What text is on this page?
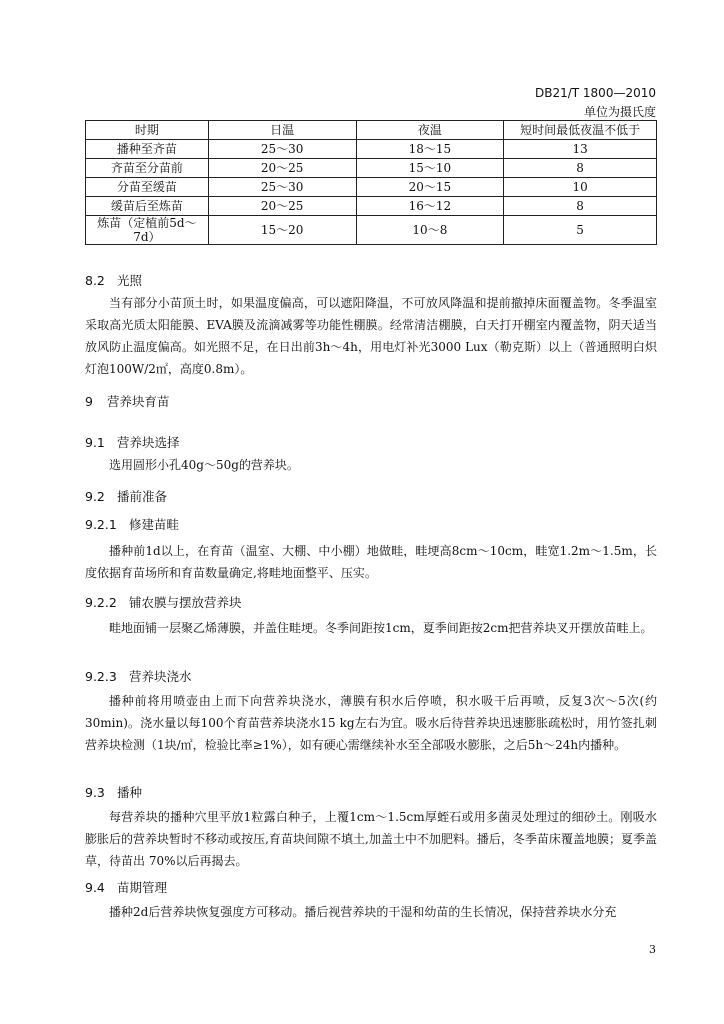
DB21/T 1800—2010
单位为摄氏度
时期	日温	夜温	短时间最低夜温不低于
播种至齐苗	25～30	18～15	13
齐苗至分苗前	20～25	15～10	8
分苗至缓苗	25～30	20～15	10
缓苗后至炼苗	20～25	16～12	8

炼苗（定植前5d～
7d）	15～20	10～8	5
8.2 光照
当有部分小苗顶土时，如果温度偏高，可以遮阳降温，不可放风降温和提前撤掉床面覆盖物。冬季温室采取高光质太阳能膜、EVA膜及流滴减雾等功能性棚膜。经常清洁棚膜，白天打开棚室内覆盖物，阴天适当放风防止温度偏高。如光照不足，在日出前3h～4h，用电灯补光3000 Lux（勒克斯）以上（普通照明白炽灯泡100W/2㎡，高度0.8m）。
9 营养块育苗
9.1 营养块选择
选用圆形小孔40g～50g的营养块。
9.2 播前准备
9.2.1 修建苗畦
播种前1d以上，在育苗（温室、大棚、中小棚）地做畦，畦埂高8cm～10cm，畦宽1.2m～1.5m，长度依据育苗场所和育苗数量确定,将畦地面整平、压实。
9.2.2 铺农膜与摆放营养块
畦地面铺一层聚乙烯薄膜，并盖住畦埂。冬季间距按1cm，夏季间距按2cm把营养块叉开摆放苗畦上。
9.2.3 营养块浇水
播种前将用喷壶由上而下向营养块浇水，薄膜有积水后停喷，积水吸干后再喷，反复3次～5次(约30min)。浇水量以每100个育苗营养块浇水15 kg左右为宜。吸水后待营养块迅速膨胀疏松时，用竹签扎刺营养块检测（1块/㎡，检验比率≥1%），如有硬心需继续补水至全部吸水膨胀，之后5h～24h内播种。
9.3 播种
每营养块的播种穴里平放1粒露白种子，上覆1cm～1.5cm厚蛭石或用多菌灵处理过的细砂土。刚吸水膨胀后的营养块暂时不移动或按压,育苗块间隙不填土,加盖土中不加肥料。播后，冬季苗床覆盖地膜；夏季盖草，待苗出 70%以后再揭去。
9.4 苗期管理
播种2d后营养块恢复强度方可移动。播后视营养块的干湿和幼苗的生长情况，保持营养块水分充
3
